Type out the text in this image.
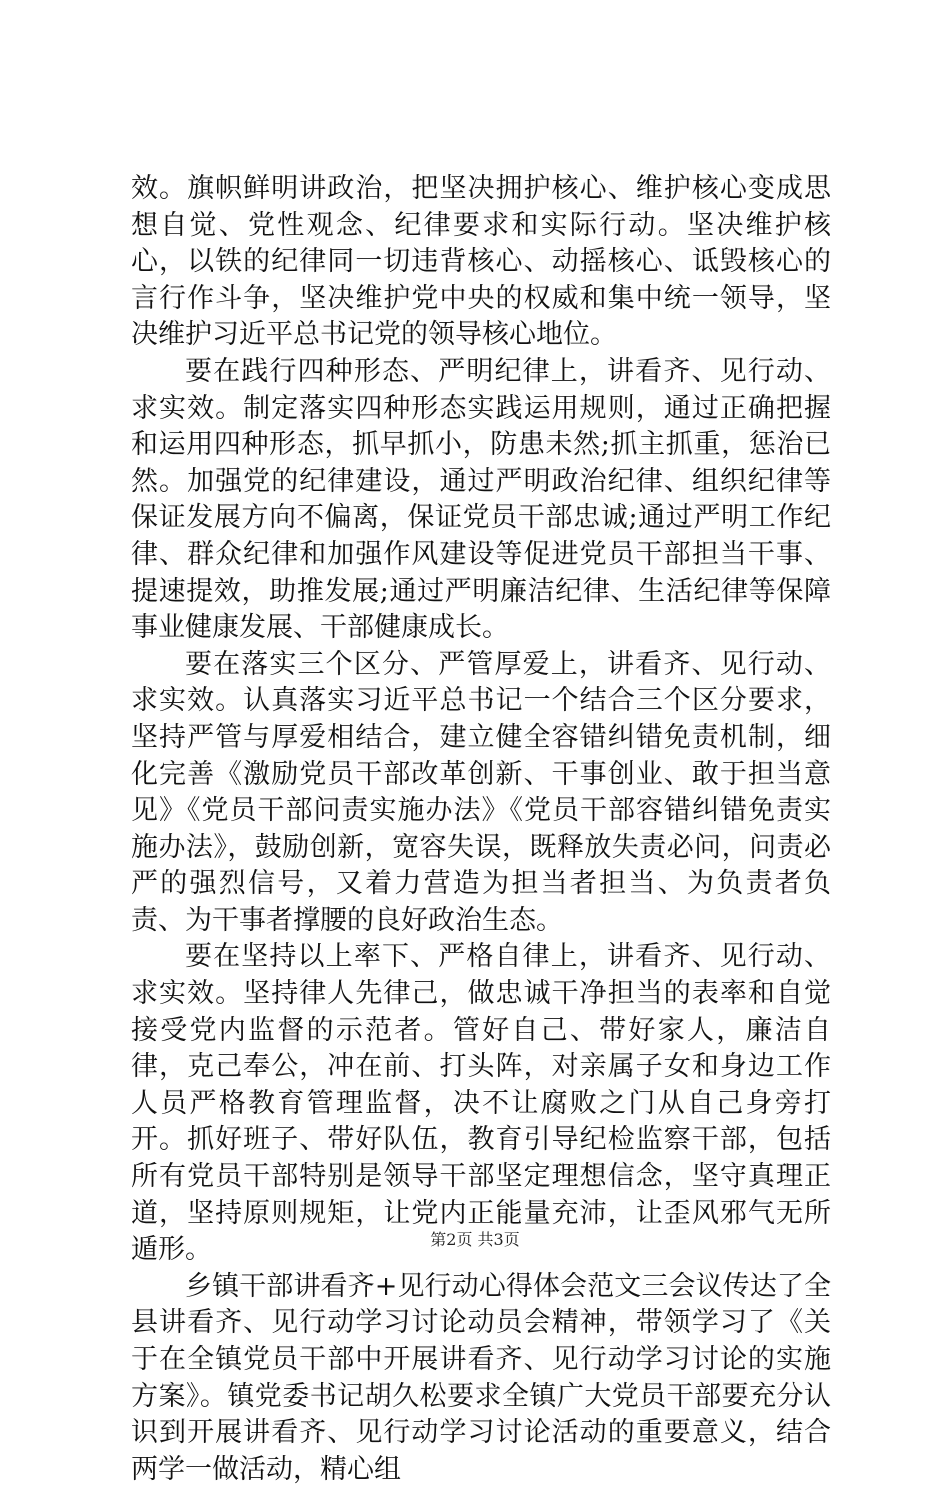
效。旗帜鲜明讲政治，把坚决拥护核心、维护核心变成思想自觉、党性观念、纪律要求和实际行动。坚决维护核心，以铁的纪律同一切违背核心、动摇核心、诋毁核心的言行作斗争，坚决维护党中央的权威和集中统一领导，坚决维护习近平总书记党的领导核心地位。

要在践行四种形态、严明纪律上，讲看齐、见行动、求实效。制定落实四种形态实践运用规则，通过正确把握和运用四种形态，抓早抓小，防患未然;抓主抓重，惩治已然。加强党的纪律建设，通过严明政治纪律、组织纪律等保证发展方向不偏离，保证党员干部忠诚;通过严明工作纪律、群众纪律和加强作风建设等促进党员干部担当干事、提速提效，助推发展;通过严明廉洁纪律、生活纪律等保障事业健康发展、干部健康成长。

要在落实三个区分、严管厚爱上，讲看齐、见行动、求实效。认真落实习近平总书记一个结合三个区分要求，坚持严管与厚爱相结合，建立健全容错纠错免责机制，细化完善《激励党员干部改革创新、干事创业、敢于担当意见》《党员干部问责实施办法》《党员干部容错纠错免责实施办法》，鼓励创新，宽容失误，既释放失责必问，问责必严的强烈信号，又着力营造为担当者担当、为负责者负责、为干事者撑腰的良好政治生态。

要在坚持以上率下、严格自律上，讲看齐、见行动、求实效。坚持律人先律己，做忠诚干净担当的表率和自觉接受党内监督的示范者。管好自己、带好家人，廉洁自律，克己奉公，冲在前、打头阵，对亲属子女和身边工作人员严格教育管理监督，决不让腐败之门从自己身旁打开。抓好班子、带好队伍，教育引导纪检监察干部，包括所有党员干部特别是领导干部坚定理想信念，坚守真理正道，坚持原则规矩，让党内正能量充沛，让歪风邪气无所遁形。

乡镇干部讲看齐+见行动心得体会范文三会议传达了全县讲看齐、见行动学习讨论动员会精神，带领学习了《关于在全镇党员干部中开展讲看齐、见行动学习讨论的实施方案》。镇党委书记胡久松要求全镇广大党员干部要充分认识到开展讲看齐、见行动学习讨论活动的重要意义，结合两学一做活动，精心组

第2页 共3页
